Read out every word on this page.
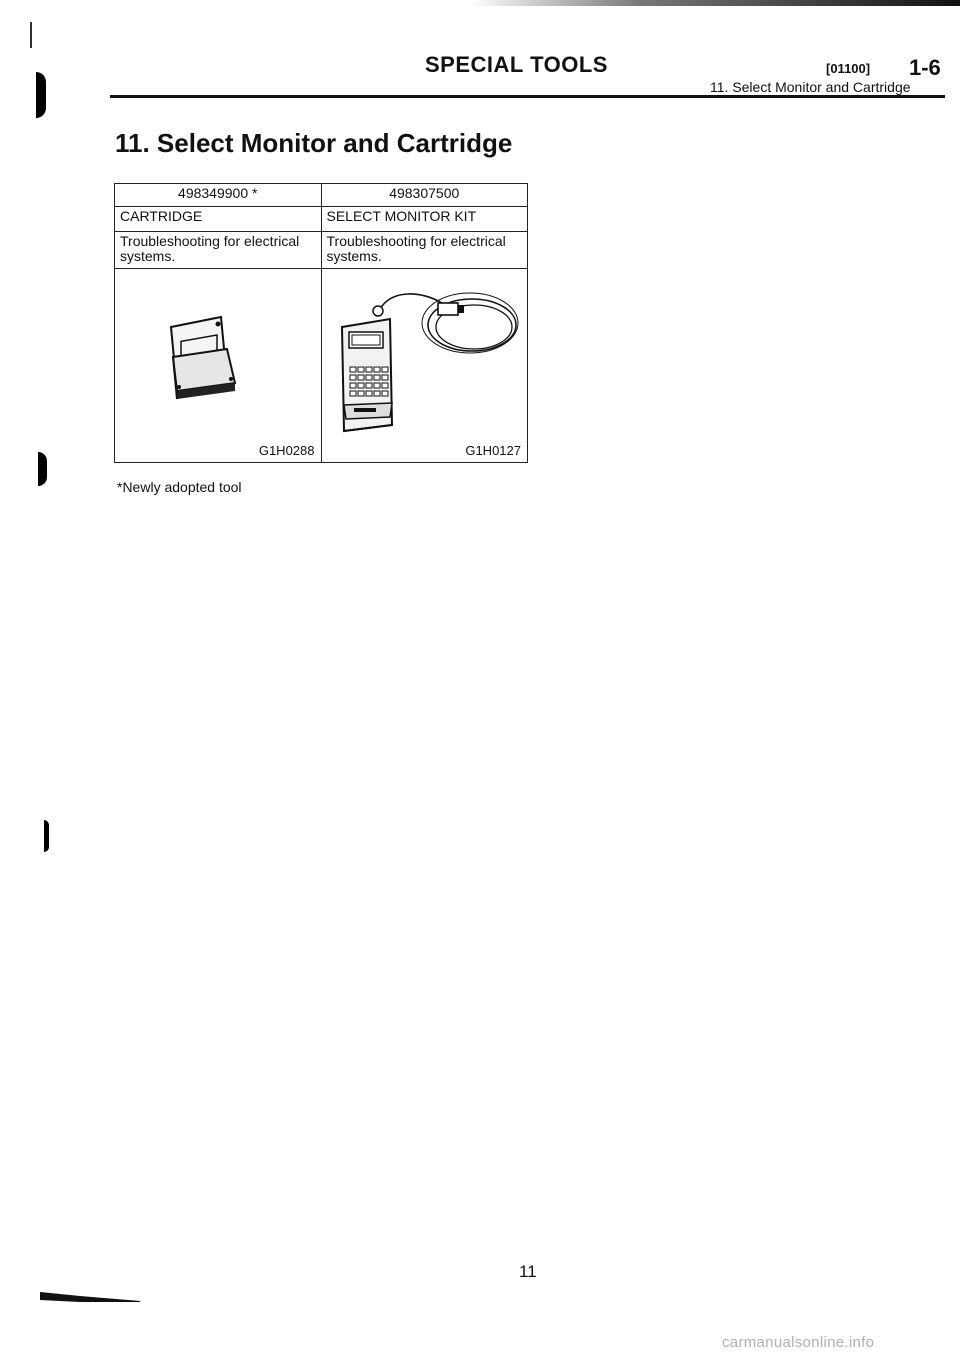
SPECIAL TOOLS	[01100] 1-6
11. Select Monitor and Cartridge
11. Select Monitor and Cartridge
498349900 *	498307500
CARTRIDGE	SELECT MONITOR KIT
Troubleshooting for electrical systems.	Troubleshooting for electrical systems.

G1H0288	G1H0127
*Newly adopted tool
11
carmanualsonline.info
